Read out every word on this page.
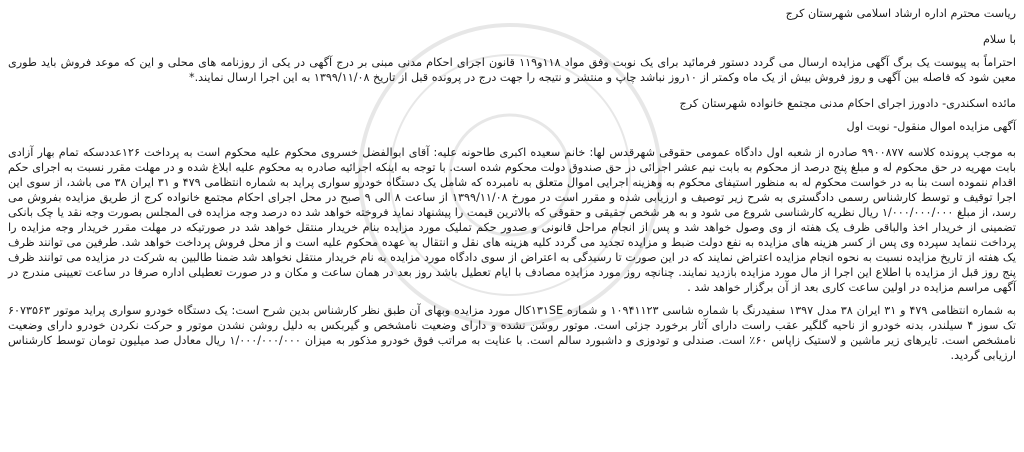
ریاست محترم اداره ارشاد اسلامی شهرستان کرج

با سلام

احتراماً به پیوست یک برگ آگهی مزایده ارسال می گردد دستور فرمائید برای یک نوبت وفق مواد ۱۱۸و۱۱۹ قانون اجرای احکام مدنی مبنی بر درج آگهی در یکی از روزنامه های محلی و این که موعد فروش باید طوری معین شود که فاصله بین آگهی و روز فروش بیش از یک ماه وکمتر از ۱۰روز نباشد چاپ و منتشر و نتیجه را جهت درج در پرونده قبل از تاریخ ۱۳۹۹/۱۱/۰۸ به این اجرا ارسال نمایند.*

مائده اسکندری- دادورز اجرای احکام مدنی مجتمع خانواده شهرستان کرج

آگهی مزایده اموال منقول- نوبت اول

به موجب پرونده کلاسه ۹۹۰۰۸۷۷ صادره از شعبه اول دادگاه عمومی حقوقی شهرقدس لها: خانم سعیده اکبری طاحونه علیه: آقای ابوالفضل خسروی محکوم علیه محکوم است به پرداخت ۱۲۶عددسکه تمام بهار آزادی بابت مهریه در حق محکوم له و مبلغ پنج درصد از محکوم به بابت نیم عشر اجرائی در حق صندوق دولت محکوم شده است. با توجه به اینکه اجرائیه صادره به محکوم علیه ابلاغ شده و در مهلت مقرر نسبت به اجرای حکم اقدام ننموده است بنا به در خواست محکوم له به منظور استیفای محکوم به وهزینه اجرایی اموال متعلق به نامبرده که شامل یک دستگاه خودرو سواری پراید به شماره انتظامی ۴۷۹ و ۳۱ ایران ۳۸ می باشد، از سوی این اجرا توقیف و توسط کارشناس رسمی دادگستری به شرح زیر توصیف و ارزیابی شده و مقرر است در مورخ ۱۳۹۹/۱۱/۰۸ از ساعت ۸ الی ۹ صبح در محل اجرای احکام مجتمع خانواده کرج از طریق مزایده بفروش می رسد، از مبلغ ۱/۰۰۰/۰۰۰/۰۰۰ ریال نظریه کارشناسی شروع می شود و به هر شخص حقیقی و حقوقی که بالاترین قیمت را پیشنهاد نماید فروخته خواهد شد ده درصد وجه مزایده فی المجلس بصورت وجه نقد یا چک بانکی تضمینی از خریدار اخذ والباقی ظرف یک هفته از وی وصول خواهد شد و پس از انجام مراحل قانونی و صدور حکم تملیک مورد مزایده بنام خریدار منتقل خواهد شد در صورتیکه در مهلت مقرر خریدار وجه مزایده را پرداخت ننماید سپرده وی پس از کسر هزینه های مزایده به نفع دولت ضبط و مزایده تجدید می گردد کلیه هزینه های نقل و انتقال به عهده محکوم علیه است و از محل فروش پرداخت خواهد شد. طرفین می توانند ظرف یک هفته از تاریخ مزایده نسبت به نحوه انجام مزایده اعتراض نمایند که در این صورت تا رسیدگی به اعتراض از سوی دادگاه مورد مزایده به نام خریدار منتقل نخواهد شد ضمنا طالبین به شرکت در مزایده می توانند ظرف پنج روز قبل از مزایده با اطلاع این اجرا از مال مورد مزایده بازدید نمایند. چنانچه روز مورد مزایده مصادف با ایام تعطیل باشد روز بعد در همان ساعت و مکان و در صورت تعطیلی اداره صرفا در ساعت تعیینی مندرج در آگهی مراسم مزایده در اولین ساعت کاری بعد از آن برگزار خواهد شد .

به شماره انتظامی ۴۷۹ و ۳۱ ایران ۳۸ مدل ۱۳۹۷ سفیدرنگ با شماره شاسی ۱۰۹۴۱۱۲۳ و شماره ۱۳۱SEکال مورد مزایده وبهای آن طبق نظر کارشناس بدین شرح است: یک دستگاه خودرو سواری پراید موتور ۶۰۷۳۵۶۳ تک سوز ۴ سیلندر، بدنه خودرو از ناحیه گلگیر عقب راست دارای آثار برخورد جزئی است. موتور روشن نشده و دارای وضعیت نامشخص و گیربکس به دلیل روشن نشدن موتور و حرکت نکردن خودرو دارای وضعیت نامشخص است. تایرهای زیر ماشین و لاستیک زاپاس ۶۰٪ است. صندلی و تودوزی و داشبورد سالم است. با عنایت به مراتب فوق خودرو مذکور به میزان ۱/۰۰۰/۰۰۰/۰۰۰ ریال معادل صد میلیون تومان توسط کارشناس ارزیابی گردید.
